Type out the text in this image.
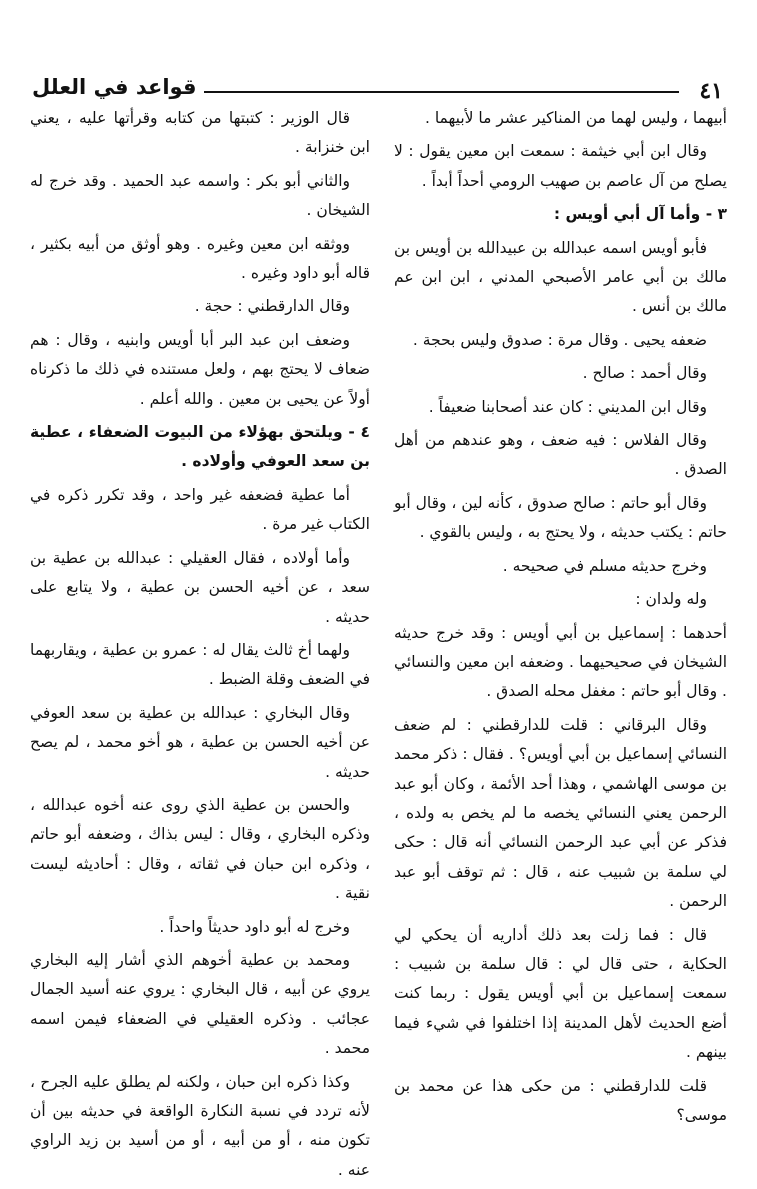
٤١
قواعد في العلل

أبيهما ، وليس لهما من المناكير عشر ما لأبيهما .

وقال ابن أبي خيثمة : سمعت ابن معين يقول : لا يصلح من آل عاصم بن صهيب الرومي أحداً أبداً .

٣ - وأما آل أبي أويس :

فأبو أويس اسمه عبدالله بن عبيدالله بن أويس بن مالك بن أبي عامر الأصبحي المدني ، ابن ابن عم مالك بن أنس .

ضعفه يحيى . وقال مرة : صدوق وليس بحجة .

وقال أحمد : صالح .

وقال ابن المديني : كان عند أصحابنا ضعيفاً .

وقال الفلاس : فيه ضعف ، وهو عندهم من أهل الصدق .

وقال أبو حاتم : صالح صدوق ، كأنه لين ، وقال أبو حاتم : يكتب حديثه ، ولا يحتج به ، وليس بالقوي .

وخرج حديثه مسلم في صحيحه .

وله ولدان :

أحدهما : إسماعيل بن أبي أويس : وقد خرج حديثه الشيخان في صحيحيهما . وضعفه ابن معين والنسائي . وقال أبو حاتم : مغفل محله الصدق .

وقال البرقاني : قلت للدارقطني : لم ضعف النسائي إسماعيل بن أبي أويس؟ . فقال : ذكر محمد بن موسى الهاشمي ، وهذا أحد الأئمة ، وكان أبو عبد الرحمن يعني النسائي يخصه ما لم يخص به ولده ، فذكر عن أبي عبد الرحمن النسائي أنه قال : حكى لي سلمة بن شبيب عنه ، قال : ثم توقف أبو عبد الرحمن .

قال : فما زلت بعد ذلك أداريه أن يحكي لي الحكاية ، حتى قال لي : قال سلمة بن شبيب : سمعت إسماعيل بن أبي أويس يقول : ربما كنت أضع الحديث لأهل المدينة إذا اختلفوا في شيء فيما بينهم .

قلت للدارقطني : من حكى هذا عن محمد بن موسى؟

قال الوزير : كتبتها من كتابه وقرأتها عليه ، يعني ابن خنزابة .

والثاني أبو بكر : واسمه عبد الحميد . وقد خرج له الشيخان .

ووثقه ابن معين وغيره . وهو أوثق من أبيه بكثير ، قاله أبو داود وغيره .

وقال الدارقطني : حجة .

وضعف ابن عبد البر أبا أويس وابنيه ، وقال : هم ضعاف لا يحتج بهم ، ولعل مستنده في ذلك ما ذكرناه أولاً عن يحيى بن معين . والله أعلم .

٤ - ويلتحق بهؤلاء من البيوت الضعفاء ، عطية بن سعد العوفي وأولاده .

أما عطية فضعفه غير واحد ، وقد تكرر ذكره في الكتاب غير مرة .

وأما أولاده ، فقال العقيلي : عبدالله بن عطية بن سعد ، عن أخيه الحسن بن عطية ، ولا يتابع على حديثه .

ولهما أخ ثالث يقال له : عمرو بن عطية ، ويقاربهما في الضعف وقلة الضبط .

وقال البخاري : عبدالله بن عطية بن سعد العوفي عن أخيه الحسن بن عطية ، هو أخو محمد ، لم يصح حديثه .

والحسن بن عطية الذي روى عنه أخوه عبدالله ، وذكره البخاري ، وقال : ليس بذاك ، وضعفه أبو حاتم ، وذكره ابن حبان في ثقاته ، وقال : أحاديثه ليست نقية .

وخرج له أبو داود حديثاً واحداً .

ومحمد بن عطية أخوهم الذي أشار إليه البخاري يروي عن أبيه ، قال البخاري : يروي عنه أسيد الجمال عجائب . وذكره العقيلي في الضعفاء فيمن اسمه محمد .

وكذا ذكره ابن حبان ، ولكنه لم يطلق عليه الجرح ، لأنه تردد في نسبة النكارة الواقعة في حديثه بين أن تكون منه ، أو من أبيه ، أو من أسيد بن زيد الراوي عنه .
